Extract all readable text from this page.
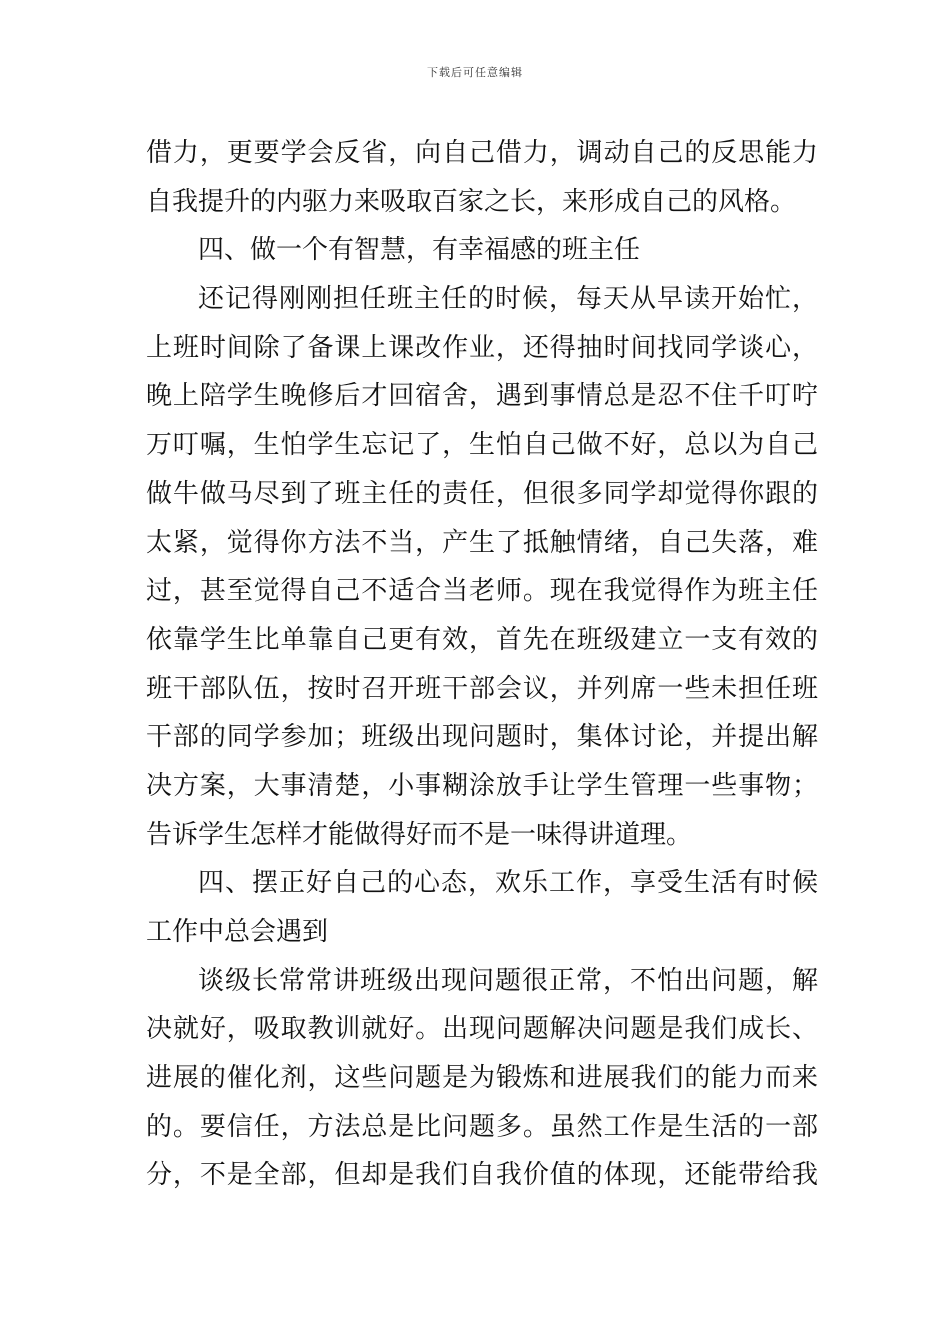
下载后可任意编辑
借力，更要学会反省，向自己借力，调动自己的反思能力
自我提升的内驱力来吸取百家之长，来形成自己的风格。
四、做一个有智慧，有幸福感的班主任
还记得刚刚担任班主任的时候，每天从早读开始忙，
上班时间除了备课上课改作业，还得抽时间找同学谈心，
晚上陪学生晚修后才回宿舍，遇到事情总是忍不住千叮咛
万叮嘱，生怕学生忘记了，生怕自己做不好，总以为自己
做牛做马尽到了班主任的责任，但很多同学却觉得你跟的
太紧，觉得你方法不当，产生了抵触情绪，自己失落，难
过，甚至觉得自己不适合当老师。现在我觉得作为班主任
依靠学生比单靠自己更有效，首先在班级建立一支有效的
班干部队伍，按时召开班干部会议，并列席一些未担任班
干部的同学参加；班级出现问题时，集体讨论，并提出解
决方案，大事清楚，小事糊涂放手让学生管理一些事物；
告诉学生怎样才能做得好而不是一味得讲道理。
四、摆正好自己的心态，欢乐工作，享受生活有时候
工作中总会遇到
谈级长常常讲班级出现问题很正常，不怕出问题，解
决就好，吸取教训就好。出现问题解决问题是我们成长、
进展的催化剂，这些问题是为锻炼和进展我们的能力而来
的。要信任，方法总是比问题多。虽然工作是生活的一部
分，不是全部，但却是我们自我价值的体现，还能带给我
